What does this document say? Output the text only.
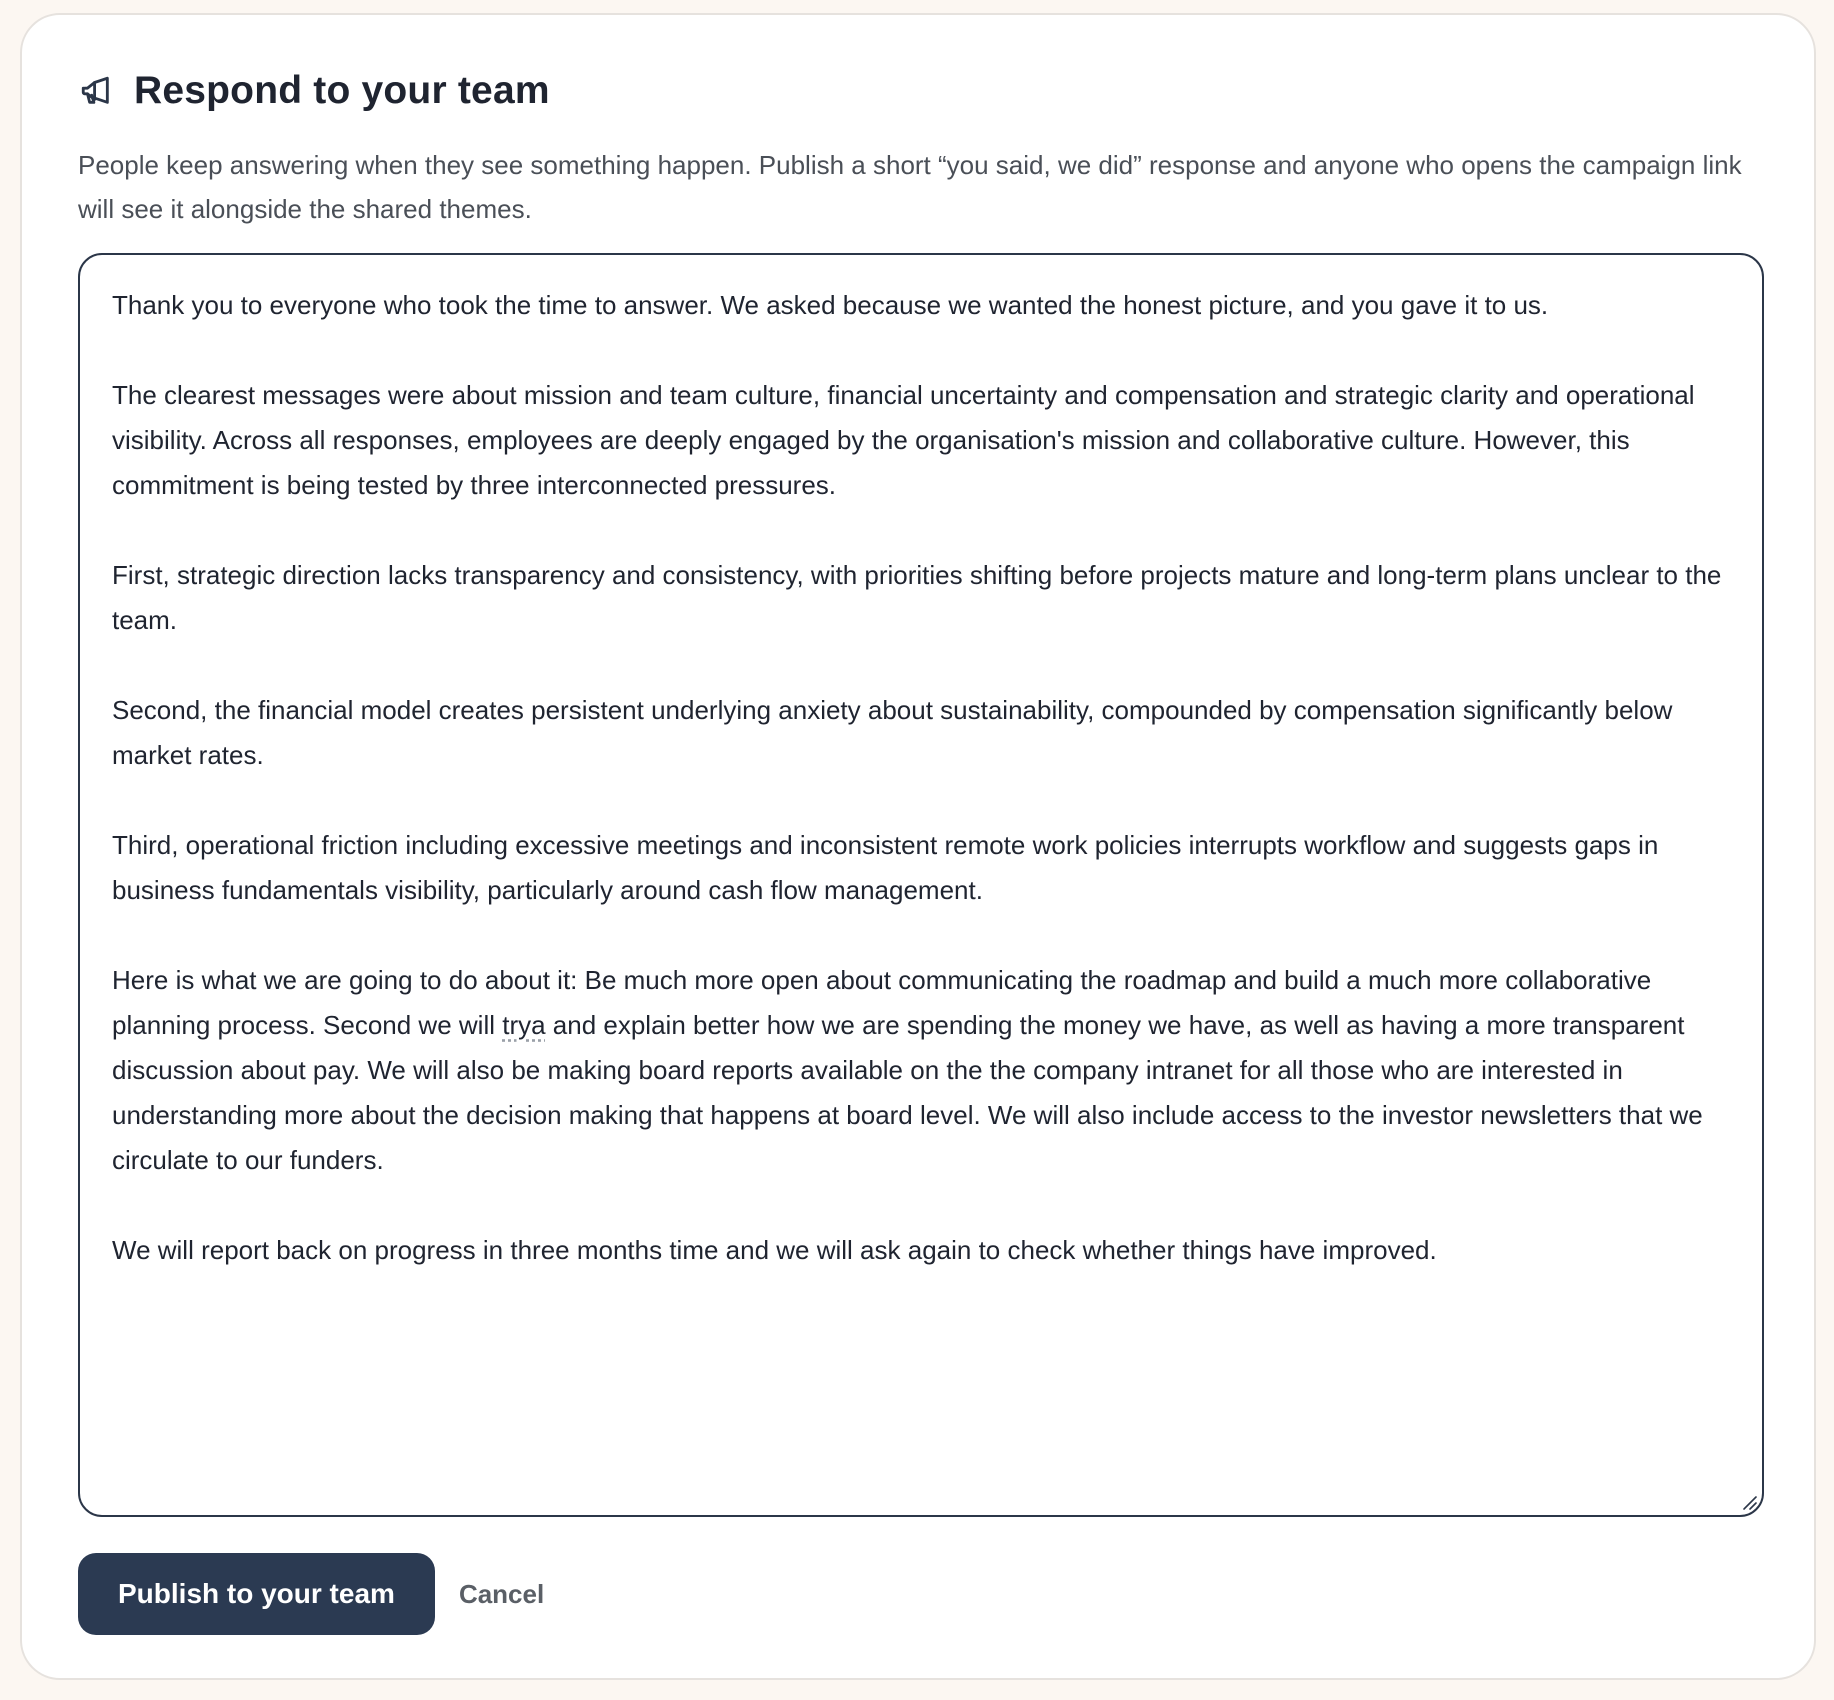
Respond to your team

People keep answering when they see something happen. Publish a short “you said, we did” response and anyone who opens the campaign link will see it alongside the shared themes.

Thank you to everyone who took the time to answer. We asked because we wanted the honest picture, and you gave it to us.

The clearest messages were about mission and team culture, financial uncertainty and compensation and strategic clarity and operational visibility. Across all responses, employees are deeply engaged by the organisation's mission and collaborative culture. However, this commitment is being tested by three interconnected pressures.

First, strategic direction lacks transparency and consistency, with priorities shifting before projects mature and long-term plans unclear to the team.

Second, the financial model creates persistent underlying anxiety about sustainability, compounded by compensation significantly below market rates.

Third, operational friction including excessive meetings and inconsistent remote work policies interrupts workflow and suggests gaps in business fundamentals visibility, particularly around cash flow management.

Here is what we are going to do about it: Be much more open about communicating the roadmap and build a much more collaborative planning process. Second we will trya and explain better how we are spending the money we have, as well as having a more transparent discussion about pay. We will also be making board reports available on the the company intranet for all those who are interested in understanding more about the decision making that happens at board level. We will also include access to the investor newsletters that we circulate to our funders.

We will report back on progress in three months time and we will ask again to check whether things have improved.

Publish to your team	Cancel
